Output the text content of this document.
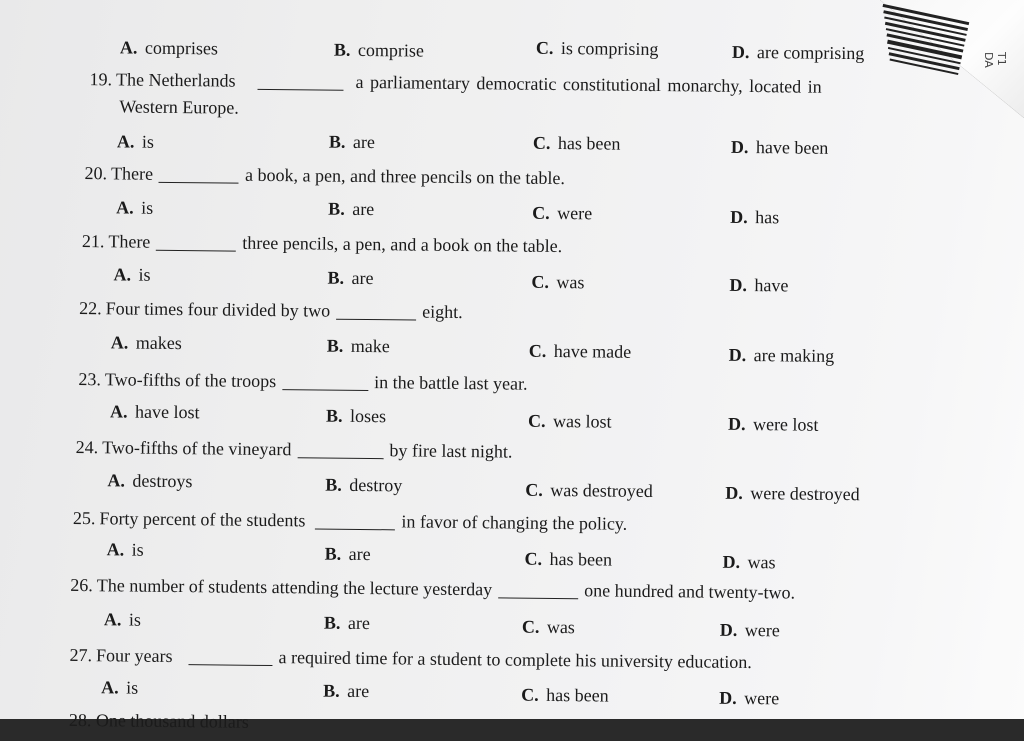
T1 DA
A. comprises	B. comprise	C. is comprising	D. are comprising
19. The Netherlands	a parliamentary democratic constitutional monarchy, located in
Western Europe.
A. is	B. are	C. has been	D. have been
20. There	a book, a pen, and three pencils on the table.
A. is	B. are	C. were	D. has
21. There	three pencils, a pen, and a book on the table.
A. is	B. are	C. was	D. have
22. Four times four divided by two	eight.
A. makes	B. make	C. have made	D. are making
23. Two-fifths of the troops	in the battle last year.
A. have lost	B. loses	C. was lost	D. were lost
24. Two-fifths of the vineyard	by fire last night.
A. destroys	B. destroy	C. was destroyed	D. were destroyed
25. Forty percent of the students	in favor of changing the policy.
A. is	B. are	C. has been	D. was
26. The number of students attending the lecture yesterday	one hundred and twenty-two.
A. is	B. are	C. was	D. were
27. Four years	a required time for a student to complete his university education.
A. is	B. are	C. has been	D. were
28. One thousand dollars
